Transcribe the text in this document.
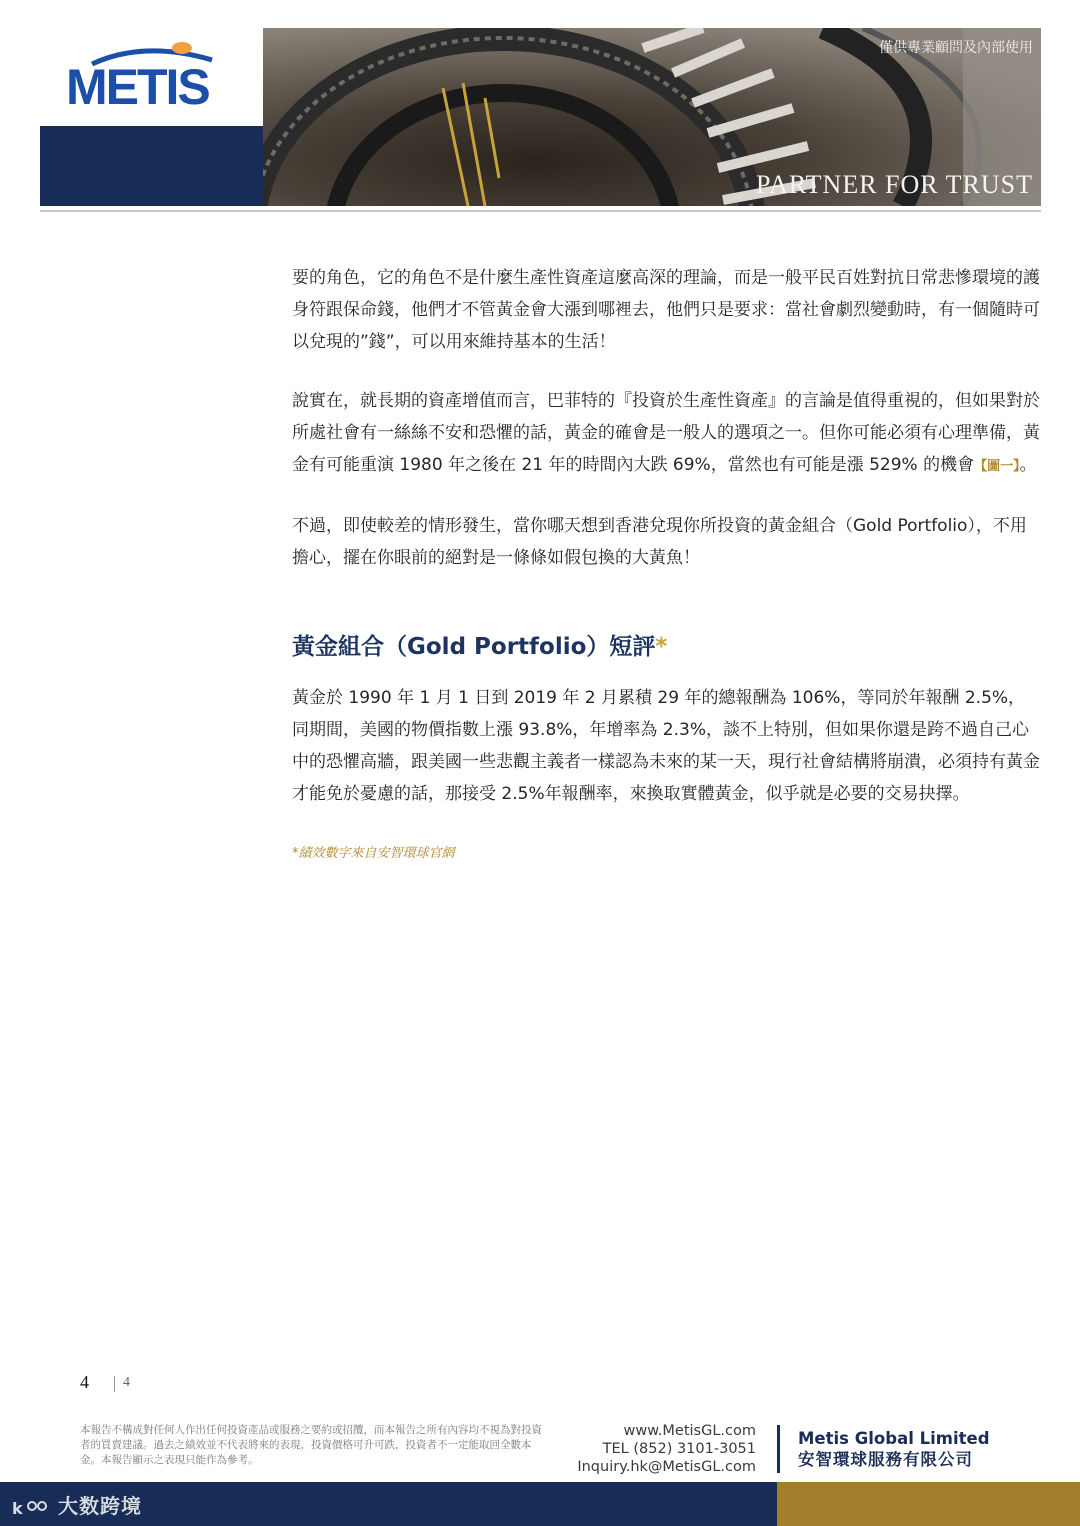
METIS
僅供專業顧問及內部使用
PARTNER FOR TRUST

要的角色，它的角色不是什麼生產性資產這麼高深的理論，而是一般平民百姓對抗日常悲慘環境的護身符跟保命錢，他們才不管黃金會大漲到哪裡去，他們只是要求：當社會劇烈變動時，有一個隨時可以兌現的”錢”，可以用來維持基本的生活！

說實在，就長期的資產增值而言，巴菲特的『投資於生產性資產』的言論是值得重視的，但如果對於所處社會有一絲絲不安和恐懼的話，黃金的確會是一般人的選項之一。但你可能必須有心理準備，黃金有可能重演 1980 年之後在 21 年的時間內大跌 69%，當然也有可能是漲 529% 的機會【圖一】。

不過，即使較差的情形發生，當你哪天想到香港兌現你所投資的黃金組合（Gold Portfolio），不用擔心，擺在你眼前的絕對是一條條如假包換的大黃魚！

黃金組合（Gold Portfolio）短評*

黃金於 1990 年 1 月 1 日到 2019 年 2 月累積 29 年的總報酬為 106%，等同於年報酬 2.5%，同期間，美國的物價指數上漲 93.8%，年增率為 2.3%，談不上特別，但如果你還是跨不過自己心中的恐懼高牆，跟美國一些悲觀主義者一樣認為未來的某一天，現行社會結構將崩潰，必須持有黃金才能免於憂慮的話，那接受 2.5%年報酬率，來換取實體黃金，似乎就是必要的交易抉擇。

*績效數字來自安智環球官網
4 4
本報告不構成對任何人作出任何投資產品或服務之要約或招攬，而本報告之所有內容均不視為對投資者的買賣建議。過去之績效並不代表將來的表現，投資價格可升可跌，投資者不一定能取回全數本金。本報告顯示之表現只能作為參考。
www.MetisGL.com
TEL (852) 3101-3051
Inquiry.hk@MetisGL.com
Metis Global Limited
安智環球服務有限公司
k 大数跨境
